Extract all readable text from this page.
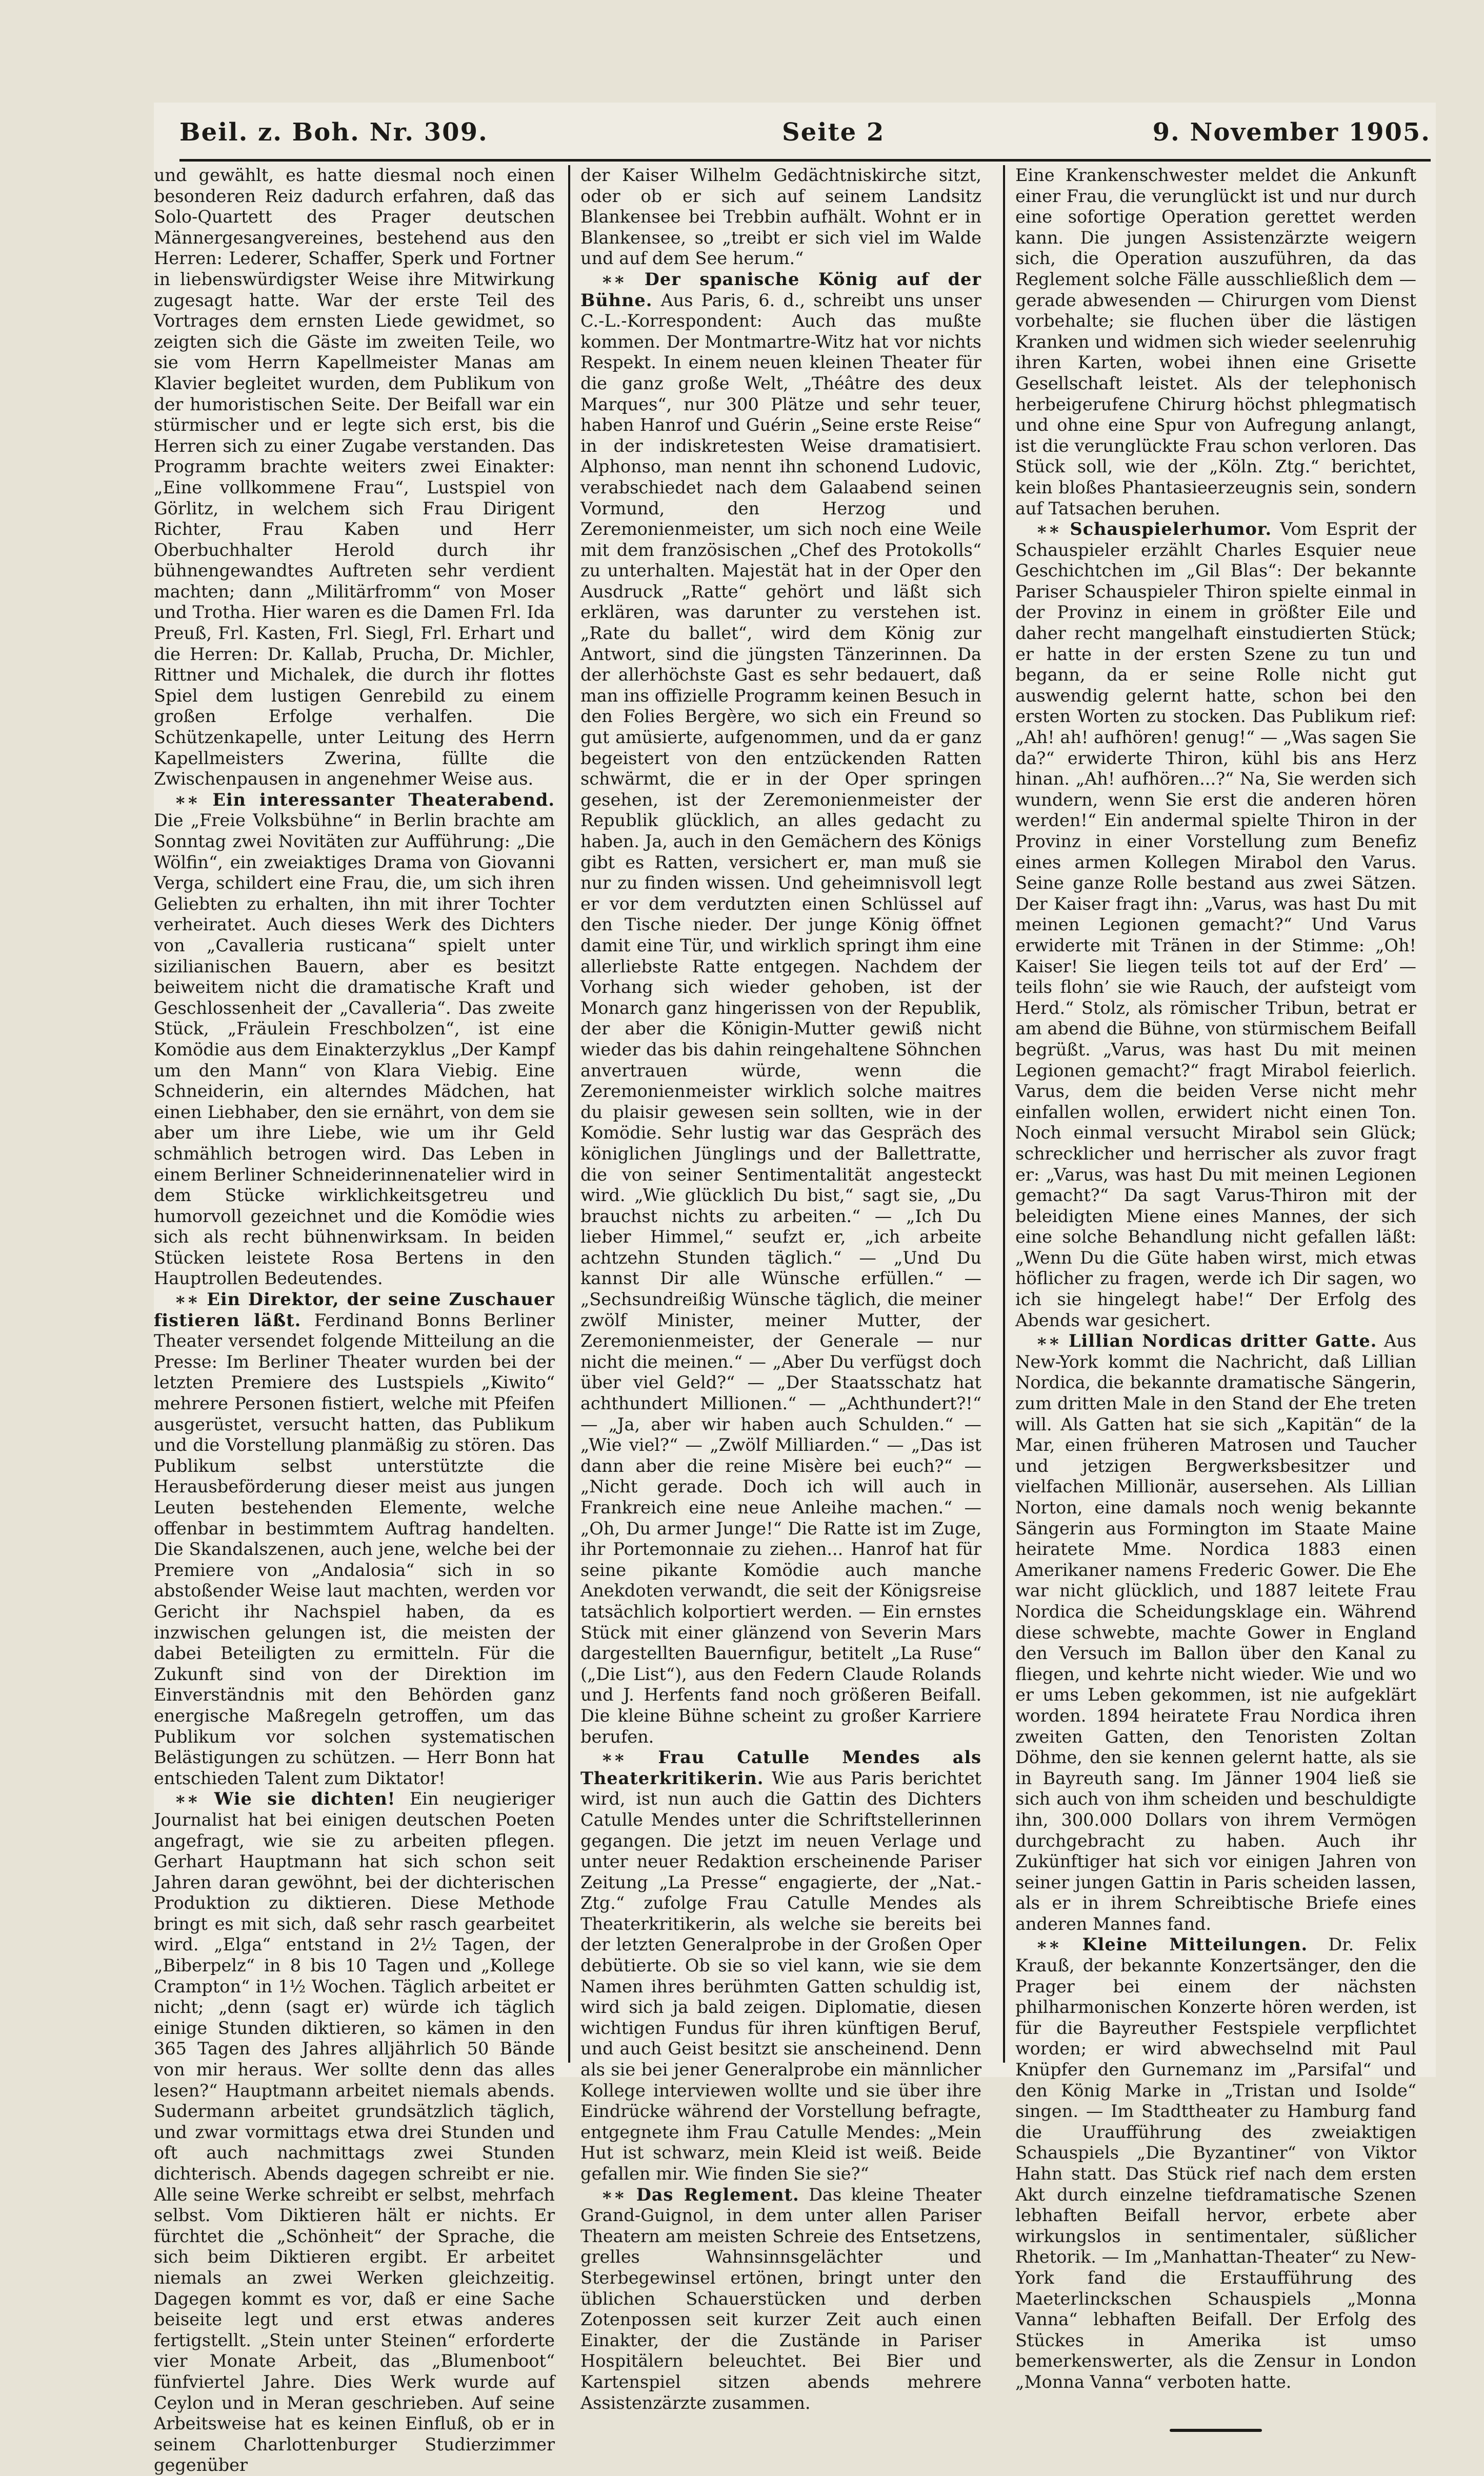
Beil. z. Boh. Nr. 309.	Seite 2	9. November 1905.

und gewählt, es hatte diesmal noch einen besonderen Reiz dadurch erfahren, daß das Solo-Quartett des Prager deutschen Männergesangvereines, bestehend aus den Herren: Lederer, Schaffer, Sperk und Fortner in liebenswürdigster Weise ihre Mitwirkung zugesagt hatte. War der erste Teil des Vortrages dem ernsten Liede gewidmet, so zeigten sich die Gäste im zweiten Teile, wo sie vom Herrn Kapellmeister Manas am Klavier begleitet wurden, dem Publikum von der humoristischen Seite. Der Beifall war ein stürmischer und er legte sich erst, bis die Herren sich zu einer Zugabe verstanden. Das Programm brachte weiters zwei Einakter: „Eine vollkommene Frau“, Lustspiel von Görlitz, in welchem sich Frau Dirigent Richter, Frau Kaben und Herr Oberbuchhalter Herold durch ihr bühnengewandtes Auftreten sehr verdient machten; dann „Militärfromm“ von Moser und Trotha. Hier waren es die Damen Frl. Ida Preuß, Frl. Kasten, Frl. Siegl, Frl. Erhart und die Herren: Dr. Kallab, Prucha, Dr. Michler, Rittner und Michalek, die durch ihr flottes Spiel dem lustigen Genrebild zu einem großen Erfolge verhalfen. Die Schützenkapelle, unter Leitung des Herrn Kapellmeisters Zwerina, füllte die Zwischenpausen in angenehmer Weise aus.

∗∗ Ein interessanter Theaterabend. Die „Freie Volksbühne“ in Berlin brachte am Sonntag zwei Novitäten zur Aufführung: „Die Wölfin“, ein zweiaktiges Drama von Giovanni Verga, schildert eine Frau, die, um sich ihren Geliebten zu erhalten, ihn mit ihrer Tochter verheiratet. Auch dieses Werk des Dichters von „Cavalleria rusticana“ spielt unter sizilianischen Bauern, aber es besitzt beiweitem nicht die dramatische Kraft und Geschlossenheit der „Cavalleria“. Das zweite Stück, „Fräulein Freschbolzen“, ist eine Komödie aus dem Einakterzyklus „Der Kampf um den Mann“ von Klara Viebig. Eine Schneiderin, ein alterndes Mädchen, hat einen Liebhaber, den sie ernährt, von dem sie aber um ihre Liebe, wie um ihr Geld schmählich betrogen wird. Das Leben in einem Berliner Schneiderinnenatelier wird in dem Stücke wirklichkeitsgetreu und humorvoll gezeichnet und die Komödie wies sich als recht bühnenwirksam. In beiden Stücken leistete Rosa Bertens in den Hauptrollen Bedeutendes.

∗∗ Ein Direktor, der seine Zuschauer fistieren läßt. Ferdinand Bonns Berliner Theater versendet folgende Mitteilung an die Presse: Im Berliner Theater wurden bei der letzten Premiere des Lustspiels „Kiwito“ mehrere Personen fistiert, welche mit Pfeifen ausgerüstet, versucht hatten, das Publikum und die Vorstellung planmäßig zu stören. Das Publikum selbst unterstützte die Herausbeförderung dieser meist aus jungen Leuten bestehenden Elemente, welche offenbar in bestimmtem Auftrag handelten. Die Skandalszenen, auch jene, welche bei der Premiere von „Andalosia“ sich in so abstoßender Weise laut machten, werden vor Gericht ihr Nachspiel haben, da es inzwischen gelungen ist, die meisten der dabei Beteiligten zu ermitteln. Für die Zukunft sind von der Direktion im Einverständnis mit den Behörden ganz energische Maßregeln getroffen, um das Publikum vor solchen systematischen Belästigungen zu schützen. — Herr Bonn hat entschieden Talent zum Diktator!

∗∗ Wie sie dichten! Ein neugieriger Journalist hat bei einigen deutschen Poeten angefragt, wie sie zu arbeiten pflegen. Gerhart Hauptmann hat sich schon seit Jahren daran gewöhnt, bei der dichterischen Produktion zu diktieren. Diese Methode bringt es mit sich, daß sehr rasch gearbeitet wird. „Elga“ entstand in 2½ Tagen, der „Biberpelz“ in 8 bis 10 Tagen und „Kollege Crampton“ in 1½ Wochen. Täglich arbeitet er nicht; „denn (sagt er) würde ich täglich einige Stunden diktieren, so kämen in den 365 Tagen des Jahres alljährlich 50 Bände von mir heraus. Wer sollte denn das alles lesen?“ Hauptmann arbeitet niemals abends. Sudermann arbeitet grundsätzlich täglich, und zwar vormittags etwa drei Stunden und oft auch nachmittags zwei Stunden dichterisch. Abends dagegen schreibt er nie. Alle seine Werke schreibt er selbst, mehrfach selbst. Vom Diktieren hält er nichts. Er fürchtet die „Schönheit“ der Sprache, die sich beim Diktieren ergibt. Er arbeitet niemals an zwei Werken gleichzeitig. Dagegen kommt es vor, daß er eine Sache beiseite legt und erst etwas anderes fertigstellt. „Stein unter Steinen“ erforderte vier Monate Arbeit, das „Blumenboot“ fünfviertel Jahre. Dies Werk wurde auf Ceylon und in Meran geschrieben. Auf seine Arbeitsweise hat es keinen Einfluß, ob er in seinem Charlottenburger Studierzimmer gegenüber

der Kaiser Wilhelm Gedächtniskirche sitzt, oder ob er sich auf seinem Landsitz Blankensee bei Trebbin aufhält. Wohnt er in Blankensee, so „treibt er sich viel im Walde und auf dem See herum.“

∗∗ Der spanische König auf der Bühne. Aus Paris, 6. d., schreibt uns unser C.-L.-Korrespondent: Auch das mußte kommen. Der Montmartre-Witz hat vor nichts Respekt. In einem neuen kleinen Theater für die ganz große Welt, „Théâtre des deux Marques“, nur 300 Plätze und sehr teuer, haben Hanrof und Guérin „Seine erste Reise“ in der indiskretesten Weise dramatisiert. Alphonso, man nennt ihn schonend Ludovic, verabschiedet nach dem Galaabend seinen Vormund, den Herzog und Zeremonienmeister, um sich noch eine Weile mit dem französischen „Chef des Protokolls“ zu unterhalten. Majestät hat in der Oper den Ausdruck „Ratte“ gehört und läßt sich erklären, was darunter zu verstehen ist. „Rate du ballet“, wird dem König zur Antwort, sind die jüngsten Tänzerinnen. Da der allerhöchste Gast es sehr bedauert, daß man ins offizielle Programm keinen Besuch in den Folies Bergère, wo sich ein Freund so gut amüsierte, aufgenommen, und da er ganz begeistert von den entzückenden Ratten schwärmt, die er in der Oper springen gesehen, ist der Zeremonienmeister der Republik glücklich, an alles gedacht zu haben. Ja, auch in den Gemächern des Königs gibt es Ratten, versichert er, man muß sie nur zu finden wissen. Und geheimnisvoll legt er vor dem verdutzten einen Schlüssel auf den Tische nieder. Der junge König öffnet damit eine Tür, und wirklich springt ihm eine allerliebste Ratte entgegen. Nachdem der Vorhang sich wieder gehoben, ist der Monarch ganz hingerissen von der Republik, der aber die Königin-Mutter gewiß nicht wieder das bis dahin reingehaltene Söhnchen anvertrauen würde, wenn die Zeremonienmeister wirklich solche maitres du plaisir gewesen sein sollten, wie in der Komödie. Sehr lustig war das Gespräch des königlichen Jünglings und der Ballettratte, die von seiner Sentimentalität angesteckt wird. „Wie glücklich Du bist,“ sagt sie, „Du brauchst nichts zu arbeiten.“ — „Ich Du lieber Himmel,“ seufzt er, „ich arbeite achtzehn Stunden täglich.“ — „Und Du kannst Dir alle Wünsche erfüllen.“ — „Sechsundreißig Wünsche täglich, die meiner zwölf Minister, meiner Mutter, der Zeremonienmeister, der Generale — nur nicht die meinen.“ — „Aber Du verfügst doch über viel Geld?“ — „Der Staatsschatz hat achthundert Millionen.“ — „Achthundert?!“ — „Ja, aber wir haben auch Schulden.“ — „Wie viel?“ — „Zwölf Milliarden.“ — „Das ist dann aber die reine Misère bei euch?“ — „Nicht gerade. Doch ich will auch in Frankreich eine neue Anleihe machen.“ — „Oh, Du armer Junge!“ Die Ratte ist im Zuge, ihr Portemonnaie zu ziehen... Hanrof hat für seine pikante Komödie auch manche Anekdoten verwandt, die seit der Königsreise tatsächlich kolportiert werden. — Ein ernstes Stück mit einer glänzend von Severin Mars dargestellten Bauernfigur, betitelt „La Ruse“ („Die List“), aus den Federn Claude Rolands und J. Herfents fand noch größeren Beifall. Die kleine Bühne scheint zu großer Karriere berufen.

∗∗ Frau Catulle Mendes als Theaterkritikerin. Wie aus Paris berichtet wird, ist nun auch die Gattin des Dichters Catulle Mendes unter die Schriftstellerinnen gegangen. Die jetzt im neuen Verlage und unter neuer Redaktion erscheinende Pariser Zeitung „La Presse“ engagierte, der „Nat.-Ztg.“ zufolge Frau Catulle Mendes als Theaterkritikerin, als welche sie bereits bei der letzten Generalprobe in der Großen Oper debütierte. Ob sie so viel kann, wie sie dem Namen ihres berühmten Gatten schuldig ist, wird sich ja bald zeigen. Diplomatie, diesen wichtigen Fundus für ihren künftigen Beruf, und auch Geist besitzt sie anscheinend. Denn als sie bei jener Generalprobe ein männlicher Kollege interviewen wollte und sie über ihre Eindrücke während der Vorstellung befragte, entgegnete ihm Frau Catulle Mendes: „Mein Hut ist schwarz, mein Kleid ist weiß. Beide gefallen mir. Wie finden Sie sie?“

∗∗ Das Reglement. Das kleine Theater Grand-Guignol, in dem unter allen Pariser Theatern am meisten Schreie des Entsetzens, grelles Wahnsinnsgelächter und Sterbegewinsel ertönen, bringt unter den üblichen Schauerstücken und derben Zotenpossen seit kurzer Zeit auch einen Einakter, der die Zustände in Pariser Hospitälern beleuchtet. Bei Bier und Kartenspiel sitzen abends mehrere Assistenzärzte zusammen.

Eine Krankenschwester meldet die Ankunft einer Frau, die verunglückt ist und nur durch eine sofortige Operation gerettet werden kann. Die jungen Assistenzärzte weigern sich, die Operation auszuführen, da das Reglement solche Fälle ausschließlich dem — gerade abwesenden — Chirurgen vom Dienst vorbehalte; sie fluchen über die lästigen Kranken und widmen sich wieder seelenruhig ihren Karten, wobei ihnen eine Grisette Gesellschaft leistet. Als der telephonisch herbeigerufene Chirurg höchst phlegmatisch und ohne eine Spur von Aufregung anlangt, ist die verunglückte Frau schon verloren. Das Stück soll, wie der „Köln. Ztg.“ berichtet, kein bloßes Phantasieerzeugnis sein, sondern auf Tatsachen beruhen.

∗∗ Schauspielerhumor. Vom Esprit der Schauspieler erzählt Charles Esquier neue Geschichtchen im „Gil Blas“: Der bekannte Pariser Schauspieler Thiron spielte einmal in der Provinz in einem in größter Eile und daher recht mangelhaft einstudierten Stück; er hatte in der ersten Szene zu tun und begann, da er seine Rolle nicht gut auswendig gelernt hatte, schon bei den ersten Worten zu stocken. Das Publikum rief: „Ah! ah! aufhören! genug!“ — „Was sagen Sie da?“ erwiderte Thiron, kühl bis ans Herz hinan. „Ah! aufhören...?“ Na, Sie werden sich wundern, wenn Sie erst die anderen hören werden!“ Ein andermal spielte Thiron in der Provinz in einer Vorstellung zum Benefiz eines armen Kollegen Mirabol den Varus. Seine ganze Rolle bestand aus zwei Sätzen. Der Kaiser fragt ihn: „Varus, was hast Du mit meinen Legionen gemacht?“ Und Varus erwiderte mit Tränen in der Stimme: „Oh! Kaiser! Sie liegen teils tot auf der Erd’ — teils flohn’ sie wie Rauch, der aufsteigt vom Herd.“ Stolz, als römischer Tribun, betrat er am abend die Bühne, von stürmischem Beifall begrüßt. „Varus, was hast Du mit meinen Legionen gemacht?“ fragt Mirabol feierlich. Varus, dem die beiden Verse nicht mehr einfallen wollen, erwidert nicht einen Ton. Noch einmal versucht Mirabol sein Glück; schrecklicher und herrischer als zuvor fragt er: „Varus, was hast Du mit meinen Legionen gemacht?“ Da sagt Varus-Thiron mit der beleidigten Miene eines Mannes, der sich eine solche Behandlung nicht gefallen läßt: „Wenn Du die Güte haben wirst, mich etwas höflicher zu fragen, werde ich Dir sagen, wo ich sie hingelegt habe!“ Der Erfolg des Abends war gesichert.

∗∗ Lillian Nordicas dritter Gatte. Aus New-York kommt die Nachricht, daß Lillian Nordica, die bekannte dramatische Sängerin, zum dritten Male in den Stand der Ehe treten will. Als Gatten hat sie sich „Kapitän“ de la Mar, einen früheren Matrosen und Taucher und jetzigen Bergwerksbesitzer und vielfachen Millionär, ausersehen. Als Lillian Norton, eine damals noch wenig bekannte Sängerin aus Formington im Staate Maine heiratete Mme. Nordica 1883 einen Amerikaner namens Frederic Gower. Die Ehe war nicht glücklich, und 1887 leitete Frau Nordica die Scheidungsklage ein. Während diese schwebte, machte Gower in England den Versuch im Ballon über den Kanal zu fliegen, und kehrte nicht wieder. Wie und wo er ums Leben gekommen, ist nie aufgeklärt worden. 1894 heiratete Frau Nordica ihren zweiten Gatten, den Tenoristen Zoltan Döhme, den sie kennen gelernt hatte, als sie in Bayreuth sang. Im Jänner 1904 ließ sie sich auch von ihm scheiden und beschuldigte ihn, 300.000 Dollars von ihrem Vermögen durchgebracht zu haben. Auch ihr Zukünftiger hat sich vor einigen Jahren von seiner jungen Gattin in Paris scheiden lassen, als er in ihrem Schreibtische Briefe eines anderen Mannes fand.

∗∗ Kleine Mitteilungen. Dr. Felix Krauß, der bekannte Konzertsänger, den die Prager bei einem der nächsten philharmonischen Konzerte hören werden, ist für die Bayreuther Festspiele verpflichtet worden; er wird abwechselnd mit Paul Knüpfer den Gurnemanz im „Parsifal“ und den König Marke in „Tristan und Isolde“ singen. — Im Stadttheater zu Hamburg fand die Uraufführung des zweiaktigen Schauspiels „Die Byzantiner“ von Viktor Hahn statt. Das Stück rief nach dem ersten Akt durch einzelne tiefdramatische Szenen lebhaften Beifall hervor, erbete aber wirkungslos in sentimentaler, süßlicher Rhetorik. — Im „Manhattan-Theater“ zu New-York fand die Erstaufführung des Maeterlinckschen Schauspiels „Monna Vanna“ lebhaften Beifall. Der Erfolg des Stückes in Amerika ist umso bemerkenswerter, als die Zensur in London „Monna Vanna“ verboten hatte.
